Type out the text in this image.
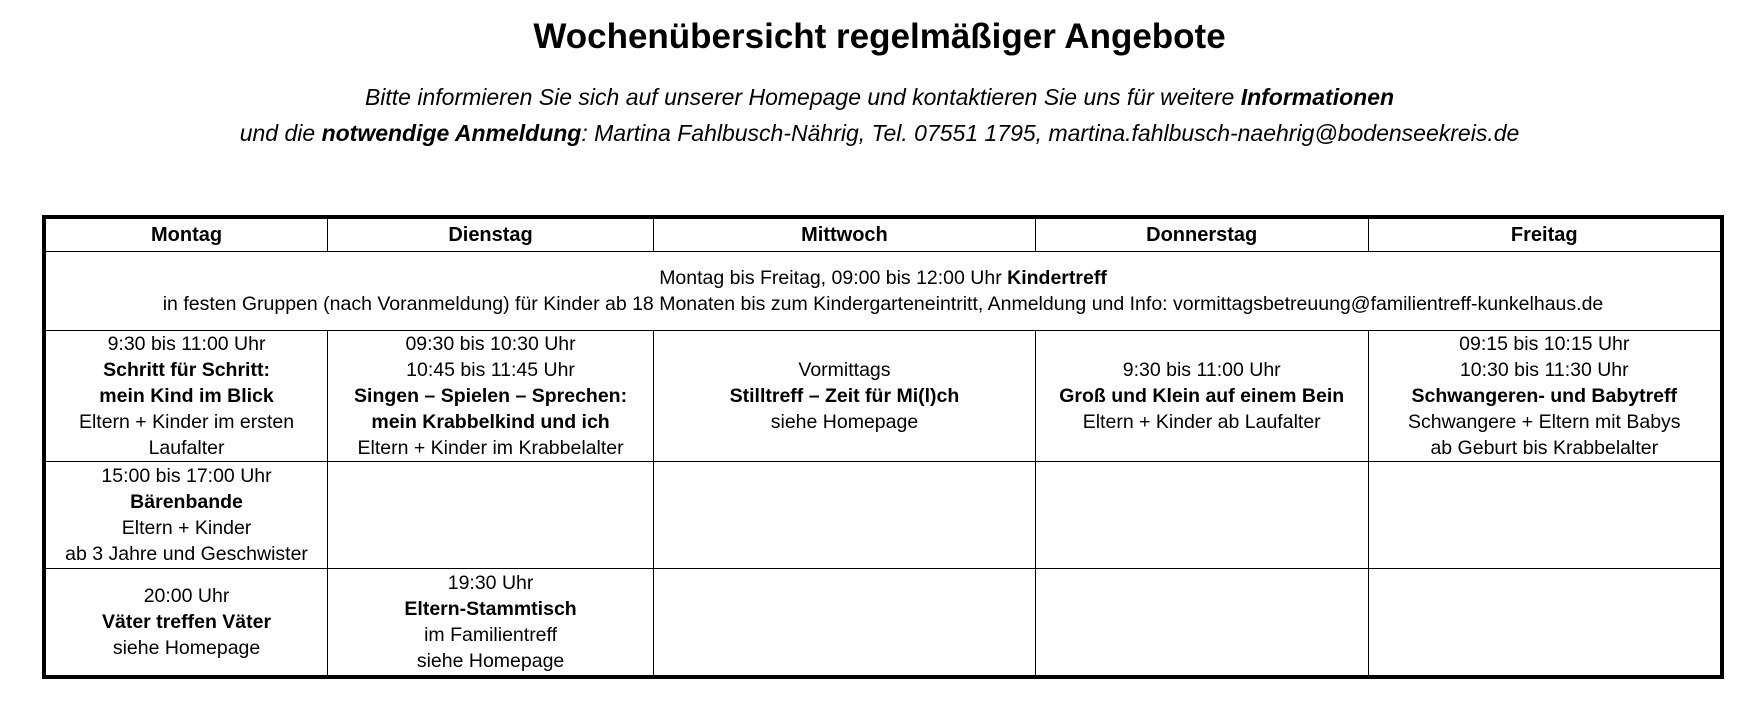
Wochenübersicht regelmäßiger Angebote
Bitte informieren Sie sich auf unserer Homepage und kontaktieren Sie uns für weitere Informationen
und die notwendige Anmeldung: Martina Fahlbusch-Nährig, Tel. 07551 1795, martina.fahlbusch-naehrig@bodenseekreis.de
Montag	Dienstag	Mittwoch	Donnerstag	Freitag

Montag bis Freitag, 09:00 bis 12:00 Uhr Kindertreff
in festen Gruppen (nach Voranmeldung) für Kinder ab 18 Monaten bis zum Kindergarteneintritt, Anmeldung und Info: vormittagsbetreuung@familientreff-kunkelhaus.de				

9:30 bis 11:00 Uhr
Schritt für Schritt:
mein Kind im Blick
Eltern + Kinder im ersten
Laufalter	09:30 bis 10:30 Uhr
10:45 bis 11:45 Uhr
Singen – Spielen – Sprechen:
mein Krabbelkind und ich
Eltern + Kinder im Krabbelalter	Vormittags
Stilltreff – Zeit für Mi(l)ch
siehe Homepage	9:30 bis 11:00 Uhr
Groß und Klein auf einem Bein
Eltern + Kinder ab Laufalter	09:15 bis 10:15 Uhr
10:30 bis 11:30 Uhr
Schwangeren- und Babytreff
Schwangere + Eltern mit Babys
ab Geburt bis Krabbelalter

15:00 bis 17:00 Uhr
Bärenbande
Eltern + Kinder
ab 3 Jahre und Geschwister				

20:00 Uhr
Väter treffen Väter
siehe Homepage	19:30 Uhr
Eltern-Stammtisch
im Familientreff
siehe Homepage			
